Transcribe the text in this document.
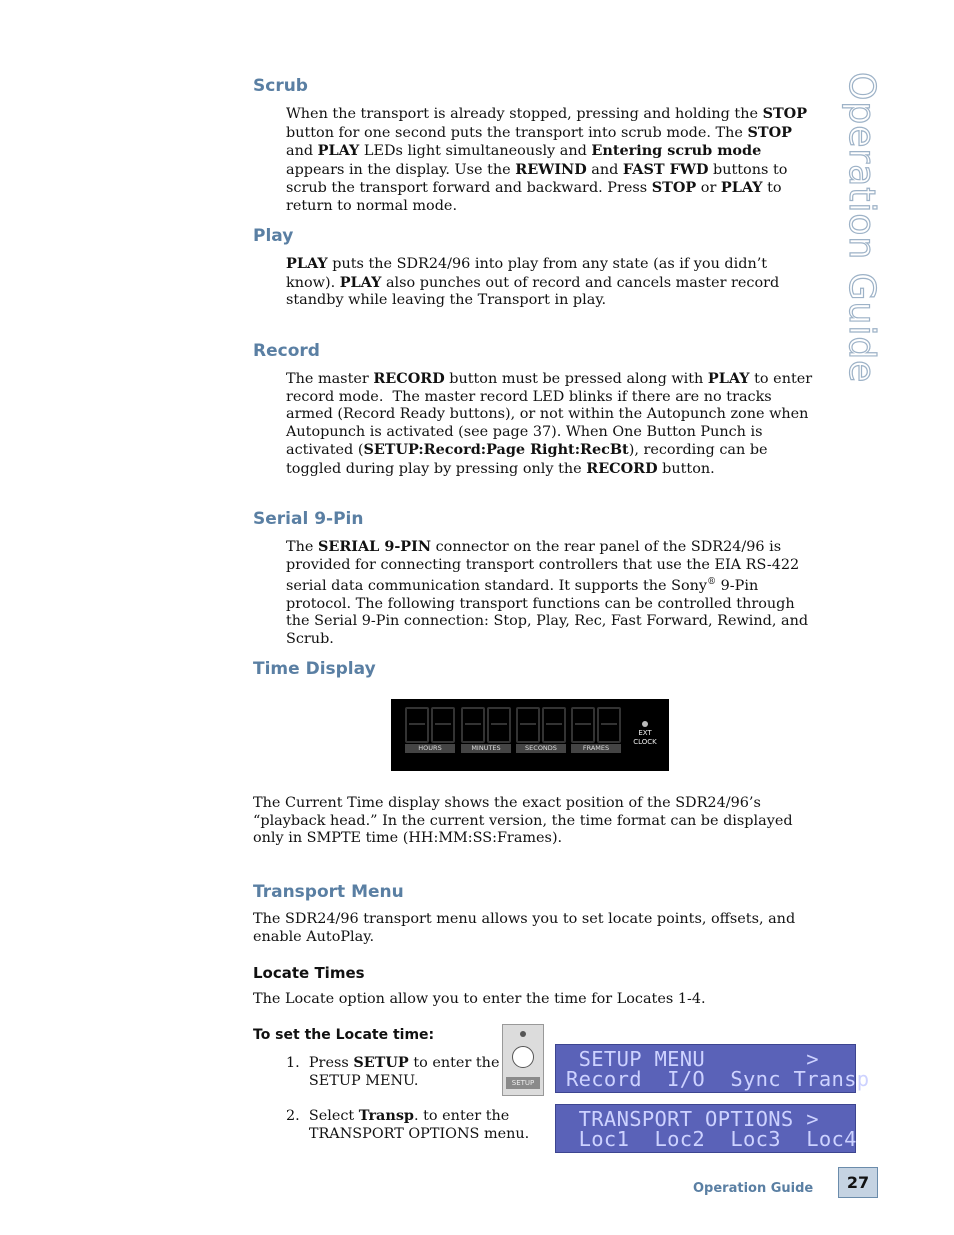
Operation Guide
Scrub

When the transport is already stopped, pressing and holding the STOP button for one second puts the transport into scrub mode. The STOP and PLAY LEDs light simultaneously and Entering scrub mode appears in the display. Use the REWIND and FAST FWD buttons to scrub the transport forward and backward. Press STOP or PLAY to return to normal mode.

Play

PLAY puts the SDR24/96 into play from any state (as if you didn’t know). PLAY also punches out of record and cancels master record standby while leaving the Transport in play.

Record

The master RECORD button must be pressed along with PLAY to enter record mode.  The master record LED blinks if there are no tracks armed (Record Ready buttons), or not within the Autopunch zone when Autopunch is activated (see page 37). When One Button Punch is activated (SETUP:Record:Page Right:RecBt), recording can be toggled during play by pressing only the RECORD button.

Serial 9-Pin

The SERIAL 9-PIN connector on the rear panel of the SDR24/96 is provided for connecting transport controllers that use the EIA RS-422 serial data communication standard. It supports the Sony® 9-Pin protocol. The following transport functions can be controlled through the Serial 9-Pin connection: Stop, Play, Rec, Fast Forward, Rewind, and Scrub.

Time Display
HOURS	MINUTES	SECONDS	FRAMES
EXT CLOCK

The Current Time display shows the exact position of the SDR24/96’s “playback head.” In the current version, the time format can be displayed only in SMPTE time (HH:MM:SS:Frames).

Transport Menu

The SDR24/96 transport menu allows you to set locate points, offsets, and enable AutoPlay.

Locate Times

The Locate option allow you to enter the time for Locates 1-4.

To set the Locate time:

1.  Press SETUP to enter the
SETUP MENU.

2.  Select Transp. to enter the
TRANSPORT OPTIONS menu.

SETUP
SETUP MENU        >
Record  I/O  Sync Transp
TRANSPORT OPTIONS >
Loc1  Loc2  Loc3  Loc4
Operation Guide	27
